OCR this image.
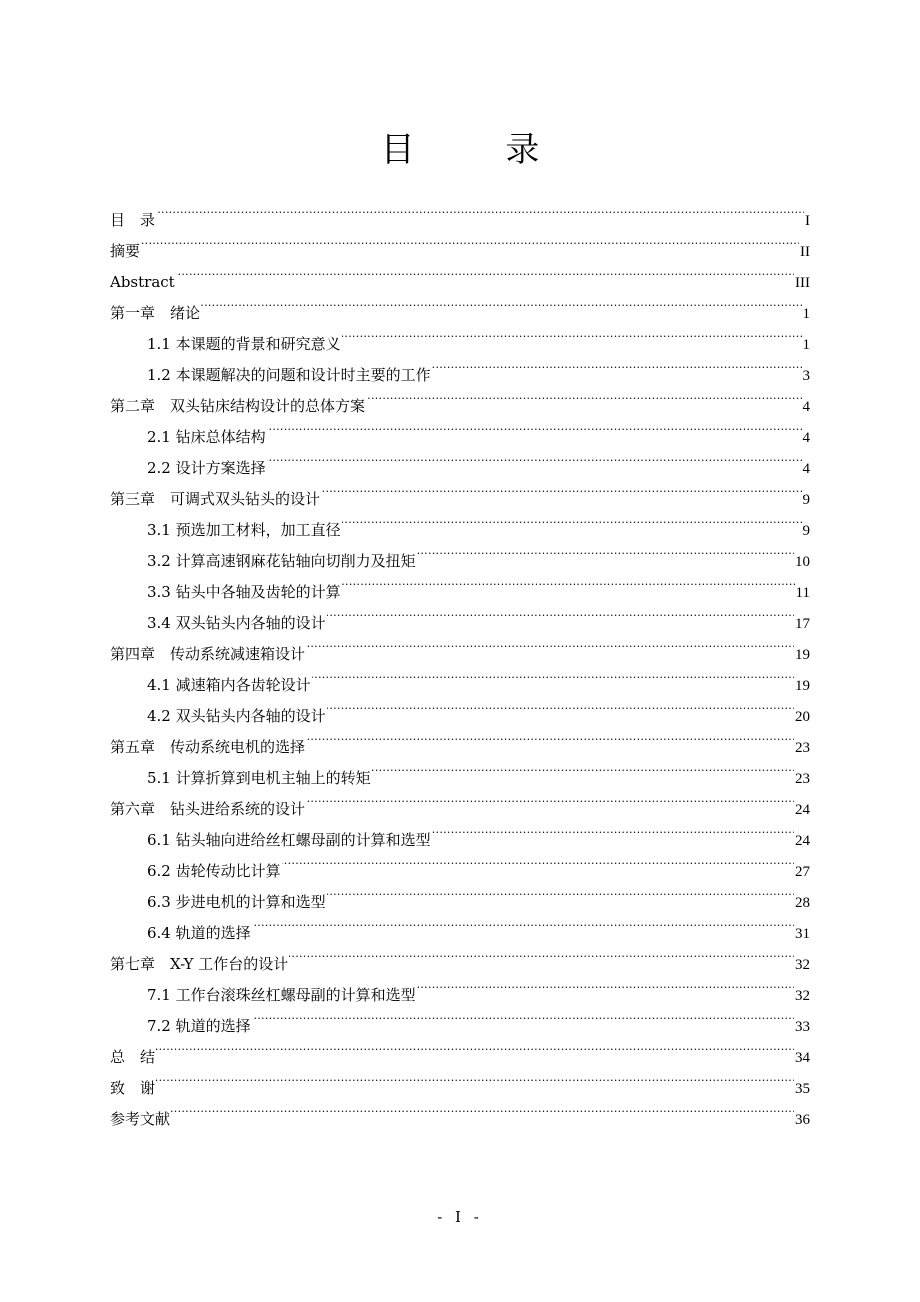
目 录
目　录 . . .	I
摘要 . . .	II
Abstract . . .	III
第一章　绪论 . . .	1
1.1 本课题的背景和研究意义 . . .	1
1.2 本课题解决的问题和设计时主要的工作 . . .	3
第二章　双头钻床结构设计的总体方案 . . .	4
2.1 钻床总体结构 . . .	4
2.2 设计方案选择 . . .	4
第三章　可调式双头钻头的设计 . . .	9
3.1 预选加工材料，加工直径 . . .	9
3.2 计算高速钢麻花钻轴向切削力及扭矩 . . .	10
3.3 钻头中各轴及齿轮的计算 . . .	11
3.4 双头钻头内各轴的设计 . . .	17
第四章　传动系统减速箱设计 . . .	19
4.1 减速箱内各齿轮设计 . . .	19
4.2 双头钻头内各轴的设计 . . .	20
第五章　传动系统电机的选择 . . .	23
5.1 计算折算到电机主轴上的转矩 . . .	23
第六章　钻头进给系统的设计 . . .	24
6.1 钻头轴向进给丝杠螺母副的计算和选型 . . .	24
6.2 齿轮传动比计算 . . .	27
6.3 步进电机的计算和选型 . . .	28
6.4 轨道的选择 . . .	31
第七章　X-Y 工作台的设计 . . .	32
7.1 工作台滚珠丝杠螺母副的计算和选型 . . .	32
7.2 轨道的选择 . . .	33
总　结 . . .	34
致　谢 . . .	35
参考文献 . . .	36
- I -
